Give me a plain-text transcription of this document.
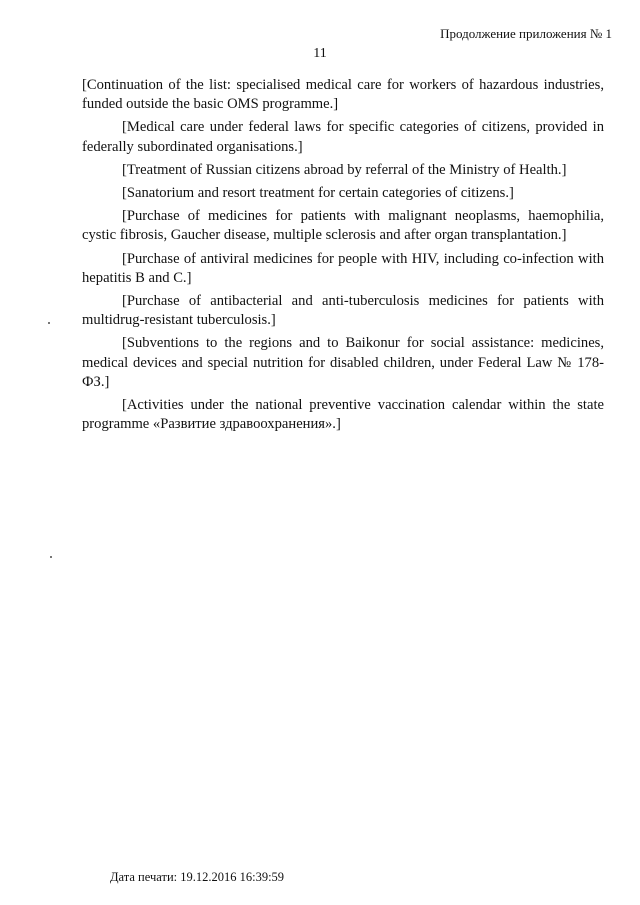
Продолжение приложения № 1
11

[Continuation of the list: specialised medical care for workers of hazardous industries, funded outside the basic OMS programme.]

[Medical care under federal laws for specific categories of citizens, provided in federally subordinated organisations.]

[Treatment of Russian citizens abroad by referral of the Ministry of Health.]

[Sanatorium and resort treatment for certain categories of citizens.]

[Purchase of medicines for patients with malignant neoplasms, haemophilia, cystic fibrosis, Gaucher disease, multiple sclerosis and after organ transplantation.]

[Purchase of antiviral medicines for people with HIV, including co-infection with hepatitis B and C.]

[Purchase of antibacterial and anti-tuberculosis medicines for patients with multidrug-resistant tuberculosis.]

[Subventions to the regions and to Baikonur for social assistance: medicines, medical devices and special nutrition for disabled children, under Federal Law № 178-ФЗ.]

[Activities under the national preventive vaccination calendar within the state programme «Развитие здравоохранения».]

Дата печати: 19.12.2016 16:39:59
